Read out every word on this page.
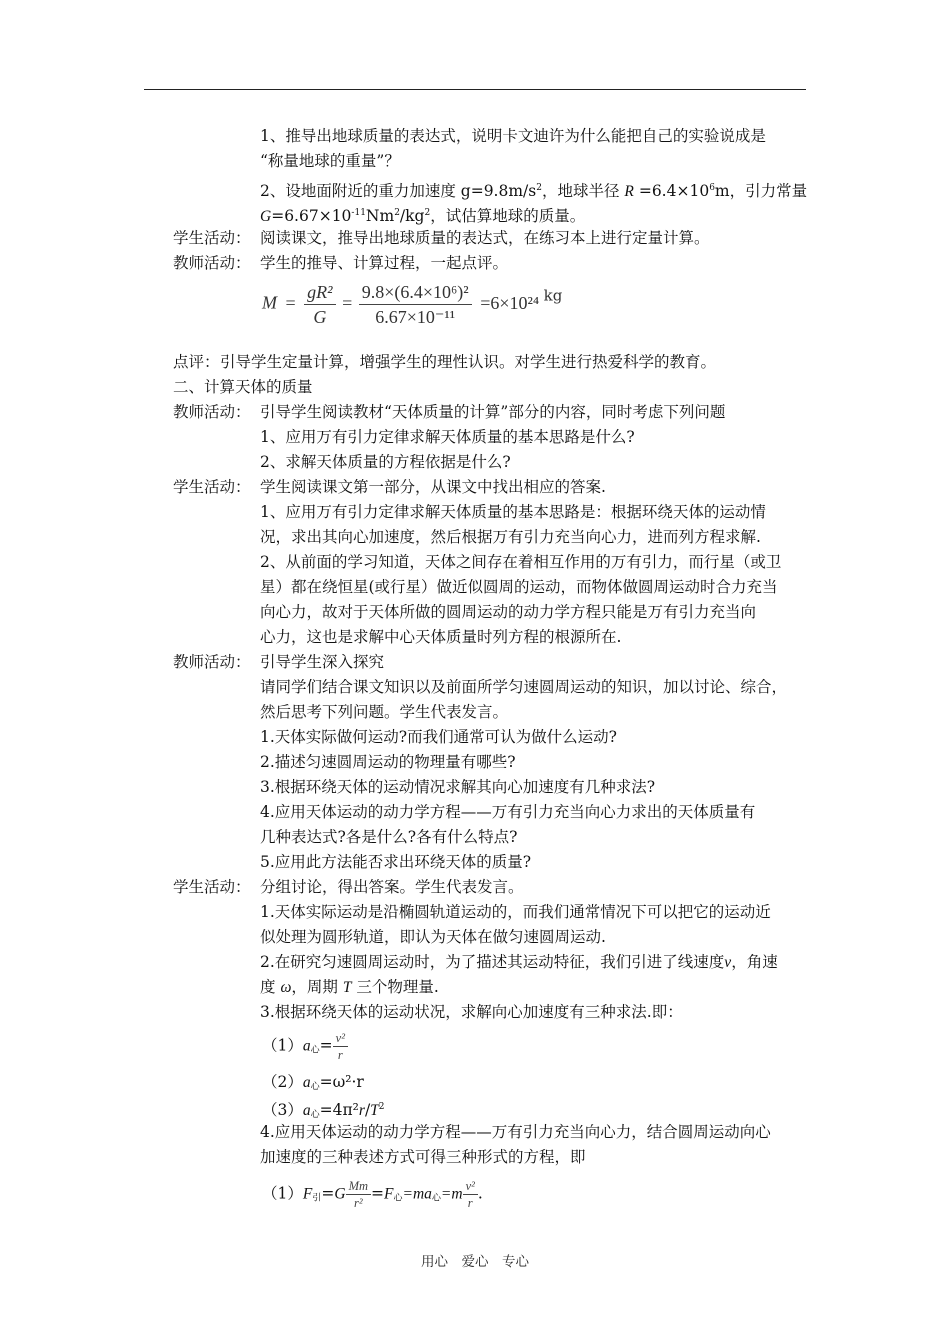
1、推导出地球质量的表达式，说明卡文迪许为什么能把自己的实验说成是
“称量地球的重量”？
2、设地面附近的重力加速度 $g=9.8m/s^2$，地球半径 $R =6.4\times 10^6m$，引力常量
$G=6.67\times 10^{-11}Nm^2/kg^2$，试估算地球的质量。
学生活动： 阅读课文，推导出地球质量的表达式，在练习本上进行定量计算。
教师活动： 学生的推导、计算过程，一起点评。
$M = \frac{\text{gR²}}{G} = \frac{\text{9.8×(6.4×10⁶)²}}{\text{6.67×10⁻¹¹}} =6\times 10^{24}$ $^{kg}$
点评： 引导学生定量计算，增强学生的理性认识。对学生进行热爱科学的教育。
二、计算天体的质量
教师活动： 引导学生阅读教材“天体质量的计算”部分的内容，同时考虑下列问题
1、应用万有引力定律求解天体质量的基本思路是什么?
2、求解天体质量的方程依据是什么?
学生活动： 学生阅读课文第一部分，从课文中找出相应的答案.
1、应用万有引力定律求解天体质量的基本思路是：根据环绕天体的运动情
况，求出其向心加速度，然后根据万有引力充当向心力，进而列方程求解.
2、从前面的学习知道，天体之间存在着相互作用的万有引力，而行星（或卫
星）都在绕恒星(或行星）做近似圆周的运动，而物体做圆周运动时合力充当
向心力，故对于天体所做的圆周运动的动力学方程只能是万有引力充当向
心力，这也是求解中心天体质量时列方程的根源所在.
教师活动： 引导学生深入探究
请同学们结合课文知识以及前面所学匀速圆周运动的知识，加以讨论、综合，
然后思考下列问题。学生代表发言。
1.天体实际做何运动?而我们通常可认为做什么运动?
2.描述匀速圆周运动的物理量有哪些?
3.根据环绕天体的运动情况求解其向心加速度有几种求法?
4.应用天体运动的动力学方程——万有引力充当向心力求出的天体质量有
几种表达式?各是什么?各有什么特点?
5.应用此方法能否求出环绕天体的质量?
学生活动： 分组讨论，得出答案。学生代表发言。
1.天体实际运动是沿椭圆轨道运动的，而我们通常情况下可以把它的运动近
似处理为圆形轨道，即认为天体在做匀速圆周运动.
2.在研究匀速圆周运动时，为了描述其运动特征，我们引进了线速度v，角速
度 ω，周期 T 三个物理量.
3.根据环绕天体的运动状况，求解向心加速度有三种求法.即：
$(1)a_心= \frac{\text{v²}}{r}$
$(2)a_心=\omega^2\cdot r$
$(3)a_心=4\pi^2r/T^2$
4.应用天体运动的动力学方程——万有引力充当向心力，结合圆周运动向心
加速度的三种表述方式可得三种形式的方程，即
$(1)F_引=G \frac{Mm}{\text{r²}} =F_心=ma_心=m \frac{\text{v²}}{r}$ .
用心　爱心　专心
